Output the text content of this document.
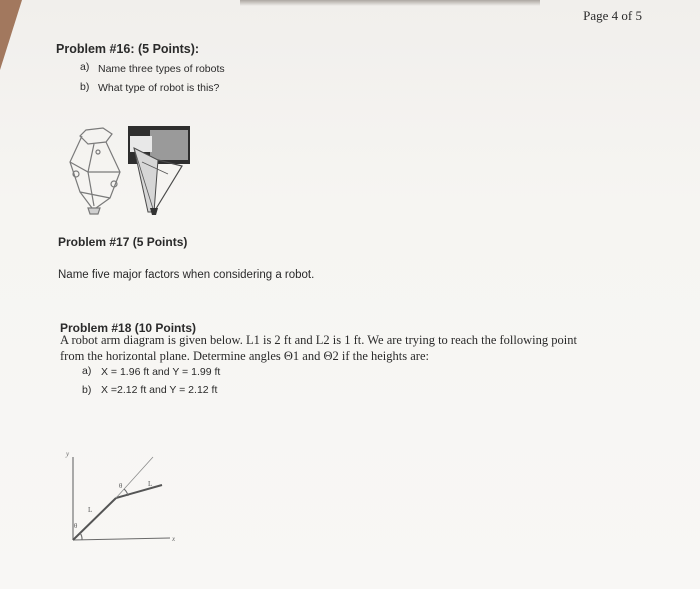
Page 4 of 5
Problem #16: (5 Points):
a) Name three types of robots
b) What type of robot is this?
Problem #17 (5 Points)
Name five major factors when considering a robot.
Problem #18 (10 Points)
A robot arm diagram is given below. L1 is 2 ft and L2 is 1 ft. We are trying to reach the following point
from the horizontal plane. Determine angles Θ1 and Θ2 if the heights are:
a) X = 1.96 ft and Y = 1.99 ft
b) X =2.12 ft and Y = 2.12 ft
y
x
θ
θ
L
L
